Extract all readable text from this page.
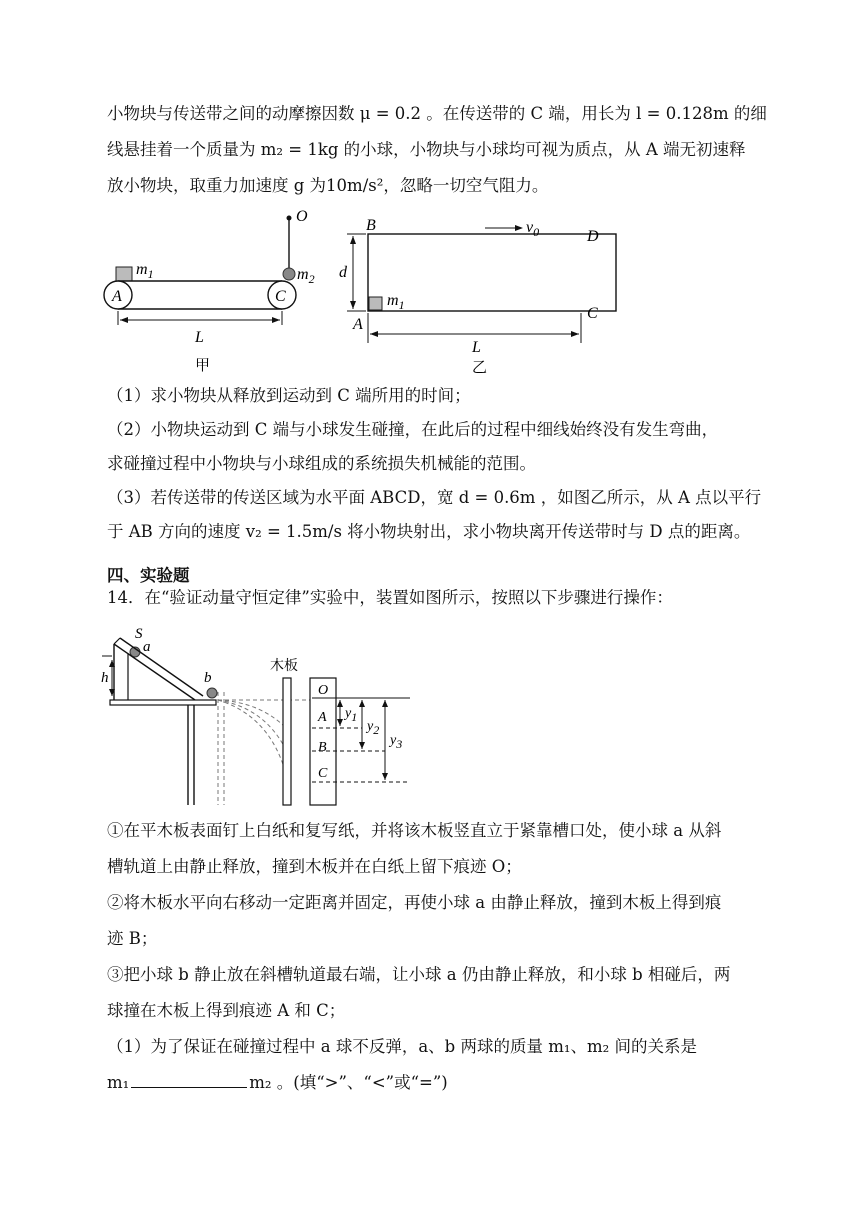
小物块与传送带之间的动摩擦因数 μ = 0.2 。在传送带的 C 端，用长为 l = 0.128m 的细
线悬挂着一个质量为 m₂ = 1kg 的小球，小物块与小球均可视为质点，从 A 端无初速释
放小物块，取重力加速度 g 为10m/s²，忽略一切空气阻力。
O
$m_2$
$m_1$
A	C
L
甲
B
D
C
A
$v_0$
d
$m_1$
L
乙
（1）求小物块从释放到运动到 C 端所用的时间；
（2）小物块运动到 C 端与小球发生碰撞，在此后的过程中细线始终没有发生弯曲，
求碰撞过程中小物块与小球组成的系统损失机械能的范围。
（3）若传送带的传送区域为水平面 ABCD，宽 d = 0.6m ，如图乙所示，从 A 点以平行
于 AB 方向的速度 v₂ = 1.5m/s 将小物块射出，求小物块离开传送带时与 D 点的距离。
四、实验题
14．在“验证动量守恒定律”实验中，装置如图所示，按照以下步骤进行操作：
S
a
h	b
木板
O
A
B
C
y1
y2
y3
①在平木板表面钉上白纸和复写纸，并将该木板竖直立于紧靠槽口处，使小球 a 从斜
槽轨道上由静止释放，撞到木板并在白纸上留下痕迹 O；
②将木板水平向右移动一定距离并固定，再使小球 a 由静止释放，撞到木板上得到痕
迹 B；
③把小球 b 静止放在斜槽轨道最右端，让小球 a 仍由静止释放，和小球 b 相碰后，两
球撞在木板上得到痕迹 A 和 C；
（1）为了保证在碰撞过程中 a 球不反弹，a、b 两球的质量 m₁、m₂ 间的关系是
m₁	m₂ 。(填“>”、“<”或“=”)
